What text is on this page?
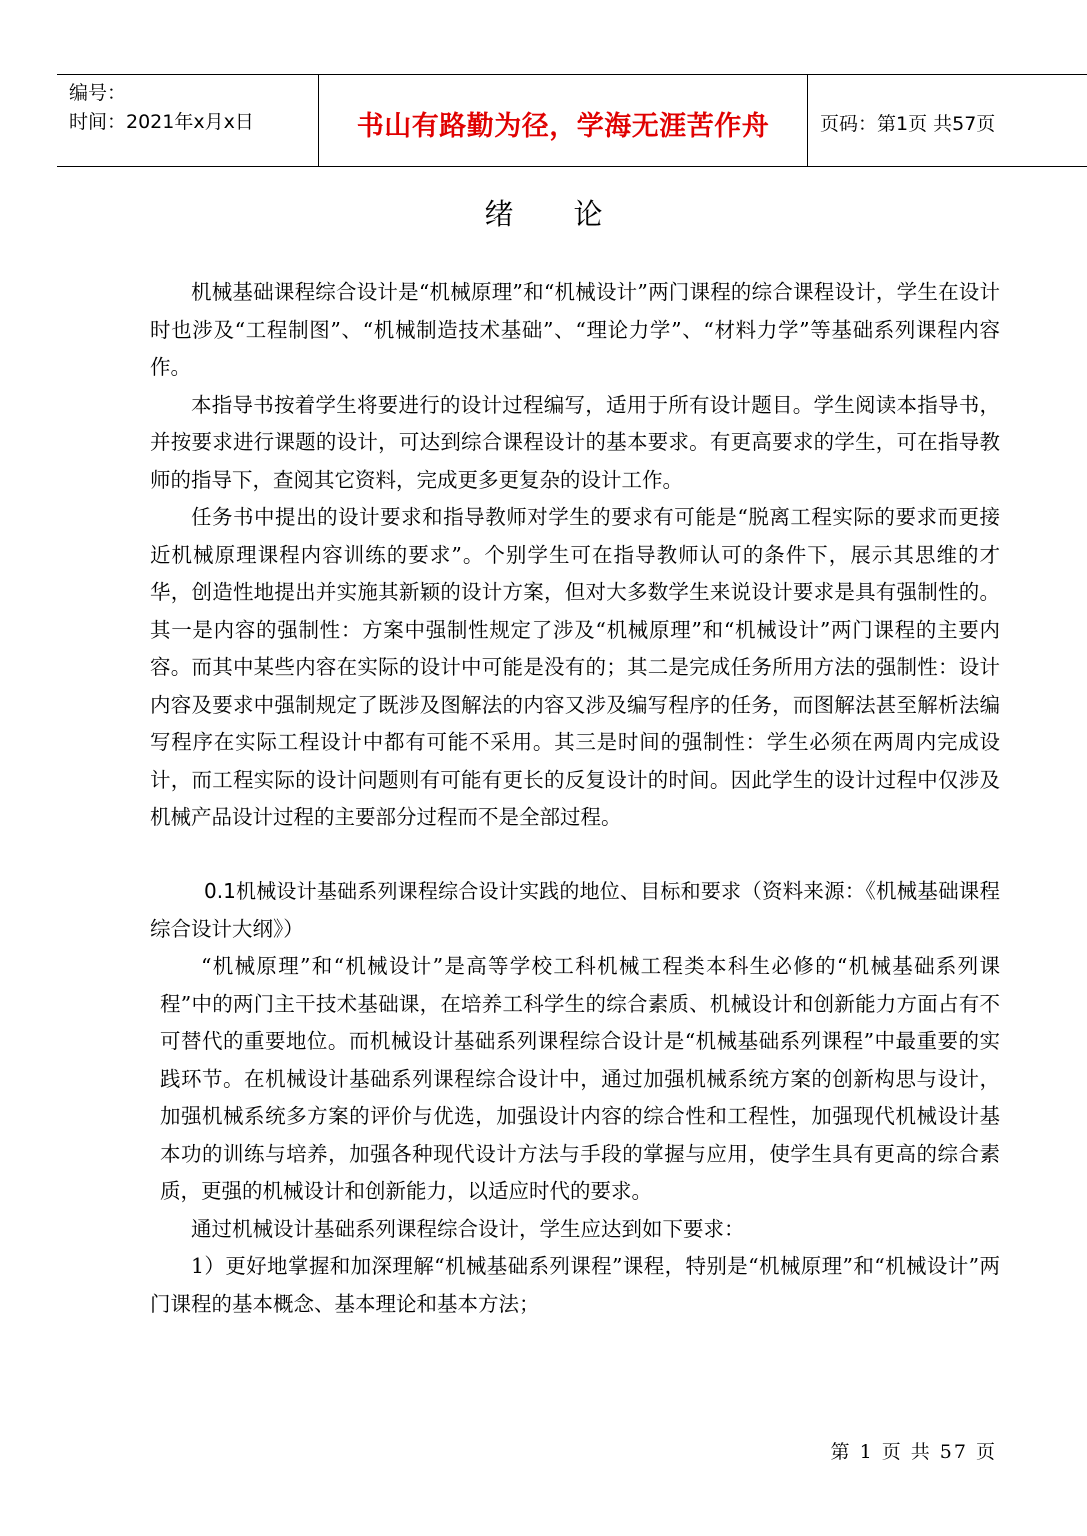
编号：
时间：2021年x月x日	书山有路勤为径，学海无涯苦作舟	页码：第1页 共57页
绪论

机械基础课程综合设计是“机械原理”和“机械设计”两门课程的综合课程设计，学生在设计时也涉及“工程制图”、“机械制造技术基础”、“理论力学”、“材料力学”等基础系列课程内容作。

本指导书按着学生将要进行的设计过程编写，适用于所有设计题目。学生阅读本指导书，并按要求进行课题的设计，可达到综合课程设计的基本要求。有更高要求的学生，可在指导教师的指导下，查阅其它资料，完成更多更复杂的设计工作。

任务书中提出的设计要求和指导教师对学生的要求有可能是“脱离工程实际的要求而更接近机械原理课程内容训练的要求”。个别学生可在指导教师认可的条件下，展示其思维的才华，创造性地提出并实施其新颖的设计方案，但对大多数学生来说设计要求是具有强制性的。其一是内容的强制性：方案中强制性规定了涉及“机械原理”和“机械设计”两门课程的主要内容。而其中某些内容在实际的设计中可能是没有的；其二是完成任务所用方法的强制性：设计内容及要求中强制规定了既涉及图解法的内容又涉及编写程序的任务，而图解法甚至解析法编写程序在实际工程设计中都有可能不采用。其三是时间的强制性：学生必须在两周内完成设计，而工程实际的设计问题则有可能有更长的反复设计的时间。因此学生的设计过程中仅涉及机械产品设计过程的主要部分过程而不是全部过程。

0.1机械设计基础系列课程综合设计实践的地位、目标和要求（资料来源：《机械基础课程综合设计大纲》）

“机械原理”和“机械设计”是高等学校工科机械工程类本科生必修的“机械基础系列课程”中的两门主干技术基础课，在培养工科学生的综合素质、机械设计和创新能力方面占有不可替代的重要地位。而机械设计基础系列课程综合设计是“机械基础系列课程”中最重要的实践环节。在机械设计基础系列课程综合设计中，通过加强机械系统方案的创新构思与设计，加强机械系统多方案的评价与优选，加强设计内容的综合性和工程性，加强现代机械设计基本功的训练与培养，加强各种现代设计方法与手段的掌握与应用，使学生具有更高的综合素质，更强的机械设计和创新能力，以适应时代的要求。

通过机械设计基础系列课程综合设计，学生应达到如下要求：

1）更好地掌握和加深理解“机械基础系列课程”课程，特别是“机械原理”和“机械设计”两门课程的基本概念、基本理论和基本方法；

第 1 页 共 57 页
